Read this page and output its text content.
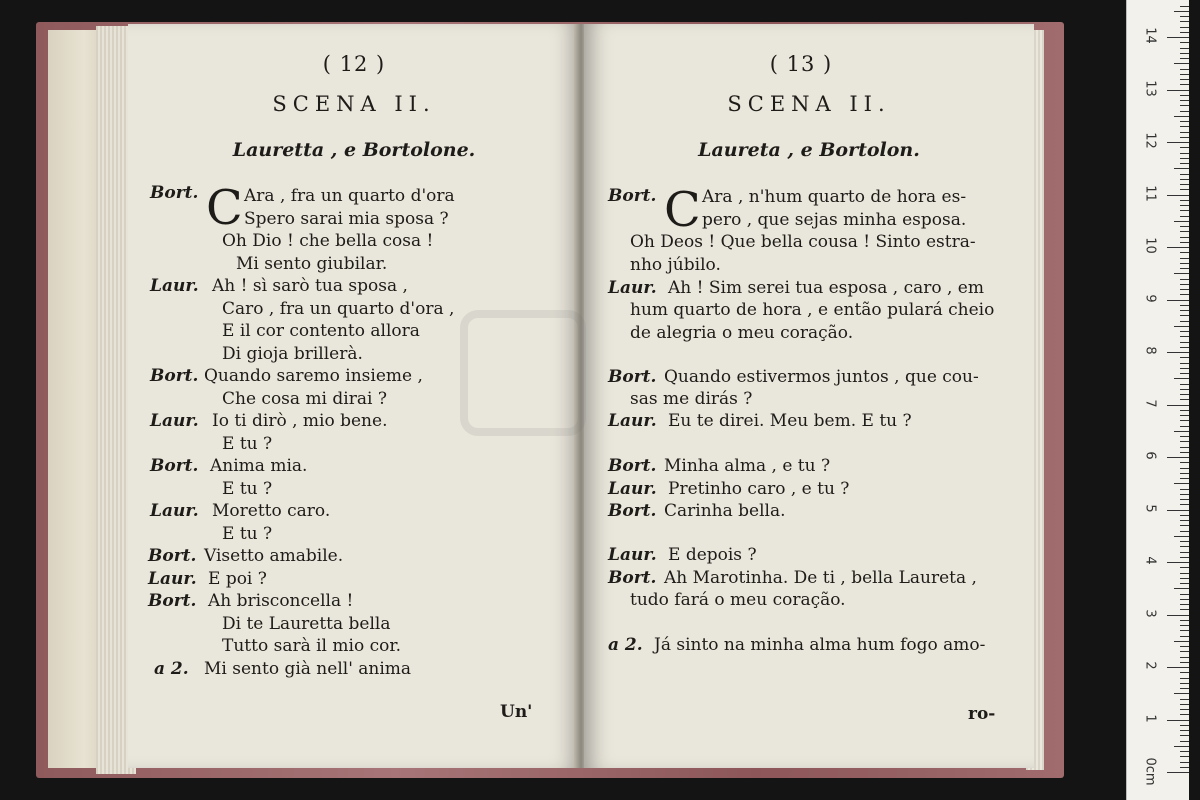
( 12 )
SCENA II.
Lauretta , e Bortolone.
Bort. C Ara , fra un quarto d'ora
Spero sarai mia sposa ?
Oh Dio ! che bella cosa !
Mi sento giubilar.
Laur. Ah ! sì sarò tua sposa ,
Caro , fra un quarto d'ora ,
E il cor contento allora
Di gioja brillerà.
Bort. Quando saremo insieme ,
Che cosa mi dirai ?
Laur. Io ti dirò , mio bene.
E tu ?
Bort. Anima mia.
E tu ?
Laur. Moretto caro.
E tu ?
Bort. Visetto amabile.
Laur. E poi ?
Bort. Ah brisconcella !
Di te Lauretta bella
Tutto sarà il mio cor.
a 2. Mi sento già nell' anima
Un'
( 13 )
SCENA II.
Laureta , e Bortolon.
Bort. C Ara , n'hum quarto de hora es-
pero , que sejas minha esposa.
Oh Deos ! Que bella cousa ! Sinto estra-
nho júbilo.
Laur. Ah ! Sim serei tua esposa , caro , em
hum quarto de hora , e então pulará cheio
de alegria o meu coração.
Bort. Quando estivermos juntos , que cou-
sas me dirás ?
Laur. Eu te direi. Meu bem. E tu ?
Bort. Minha alma , e tu ?
Laur. Pretinho caro , e tu ?
Bort. Carinha bella.
Laur. E depois ?
Bort. Ah Marotinha. De ti , bella Laureta ,
tudo fará o meu coração.
a 2. Já sinto na minha alma hum fogo amo-
ro-
0cm
1
2
3
4
5
6
7
8
9
10
11
12
13
14
